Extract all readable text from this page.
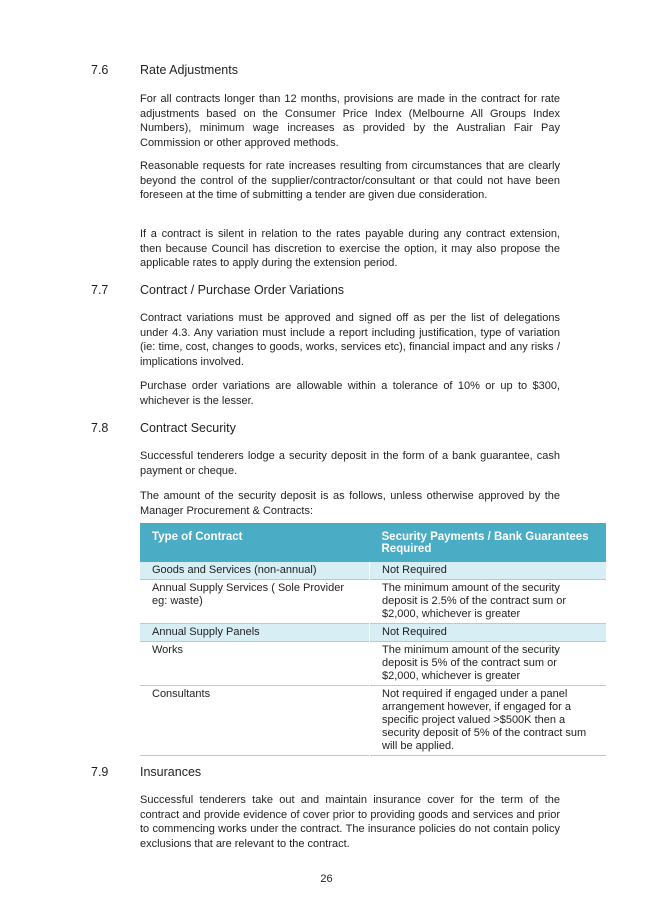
7.6	Rate Adjustments

For all contracts longer than 12 months, provisions are made in the contract for rate adjustments based on the Consumer Price Index (Melbourne All Groups Index Numbers), minimum wage increases as provided by the Australian Fair Pay Commission or other approved methods.

Reasonable requests for rate increases resulting from circumstances that are clearly beyond the control of the supplier/contractor/consultant or that could not have been foreseen at the time of submitting a tender are given due consideration.

If a contract is silent in relation to the rates payable during any contract extension, then because Council has discretion to exercise the option, it may also propose the applicable rates to apply during the extension period.

7.7	Contract / Purchase Order Variations

Contract variations must be approved and signed off as per the list of delegations under 4.3. Any variation must include a report including justification, type of variation (ie: time, cost, changes to goods, works, services etc), financial impact and any risks / implications involved.

Purchase order variations are allowable within a tolerance of 10% or up to $300, whichever is the lesser.

7.8	Contract Security

Successful tenderers lodge a security deposit in the form of a bank guarantee, cash payment or cheque.

The amount of the security deposit is as follows, unless otherwise approved by the Manager Procurement & Contracts:

Type of Contract	Security Payments / Bank Guarantees Required
Goods and Services (non-annual)	Not Required
Annual Supply Services ( Sole Provider eg: waste)	The minimum amount of the security deposit is 2.5% of the contract sum or $2,000, whichever is greater
Annual Supply Panels	Not Required
Works	The minimum amount of the security deposit is 5% of the contract sum or $2,000, whichever is greater
Consultants	Not required if engaged under a panel arrangement however, if engaged for a specific project valued >$500K then a security deposit of 5% of the contract sum will be applied.
7.9	Insurances

Successful tenderers take out and maintain insurance cover for the term of the contract and provide evidence of cover prior to providing goods and services and prior to commencing works under the contract. The insurance policies do not contain policy exclusions that are relevant to the contract.

26
